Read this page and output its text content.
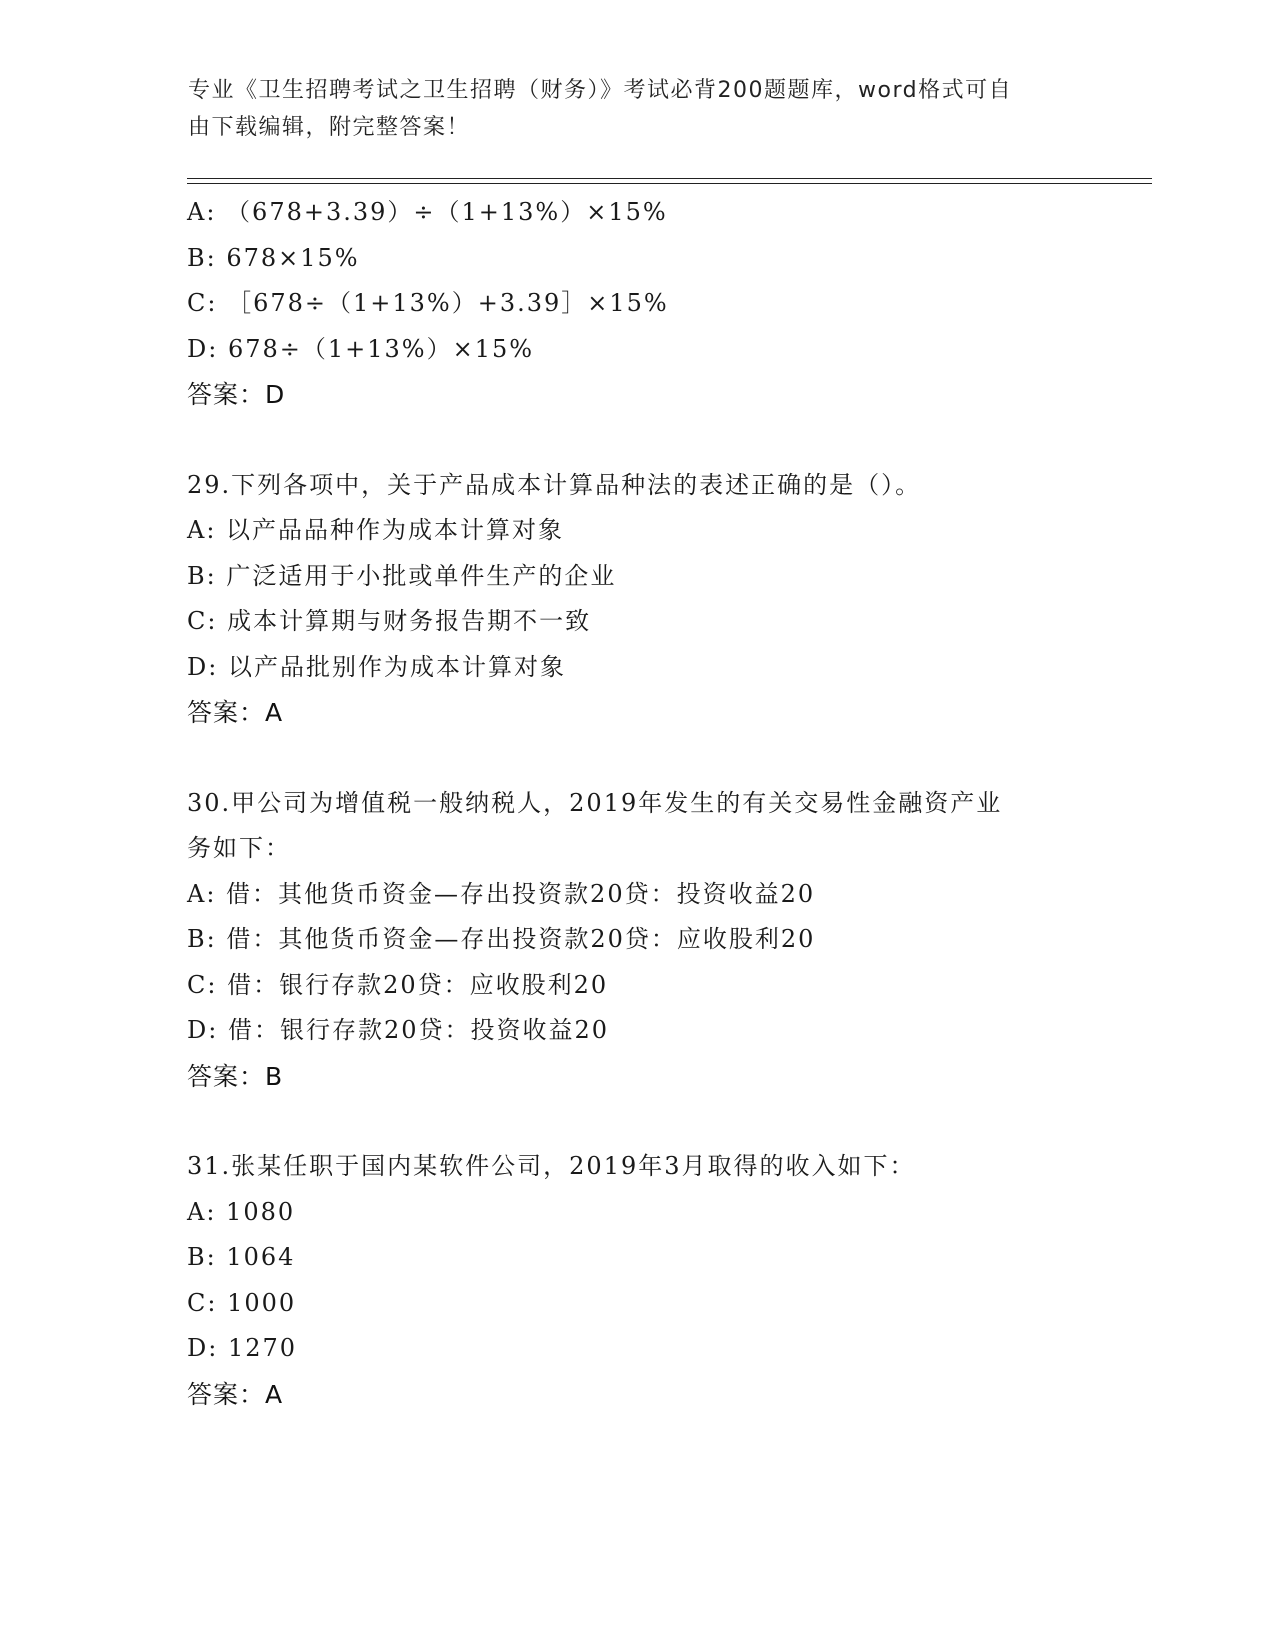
专业《卫生招聘考试之卫生招聘（财务）》考试必背200题题库，word格式可自
由下载编辑，附完整答案！
A: （678+3.39）÷（1+13%）×15%
B: 678×15%
C: ［678÷（1+13%）+3.39］×15%
D: 678÷（1+13%）×15%
答案：D
29.下列各项中，关于产品成本计算品种法的表述正确的是（）。
A: 以产品品种作为成本计算对象
B: 广泛适用于小批或单件生产的企业
C: 成本计算期与财务报告期不一致
D: 以产品批别作为成本计算对象
答案：A
30.甲公司为增值税一般纳税人，2019年发生的有关交易性金融资产业
务如下：
A: 借：其他货币资金—存出投资款20贷：投资收益20
B: 借：其他货币资金—存出投资款20贷：应收股利20
C: 借：银行存款20贷：应收股利20
D: 借：银行存款20贷：投资收益20
答案：B
31.张某任职于国内某软件公司，2019年3月取得的收入如下：
A: 1080
B: 1064
C: 1000
D: 1270
答案：A
